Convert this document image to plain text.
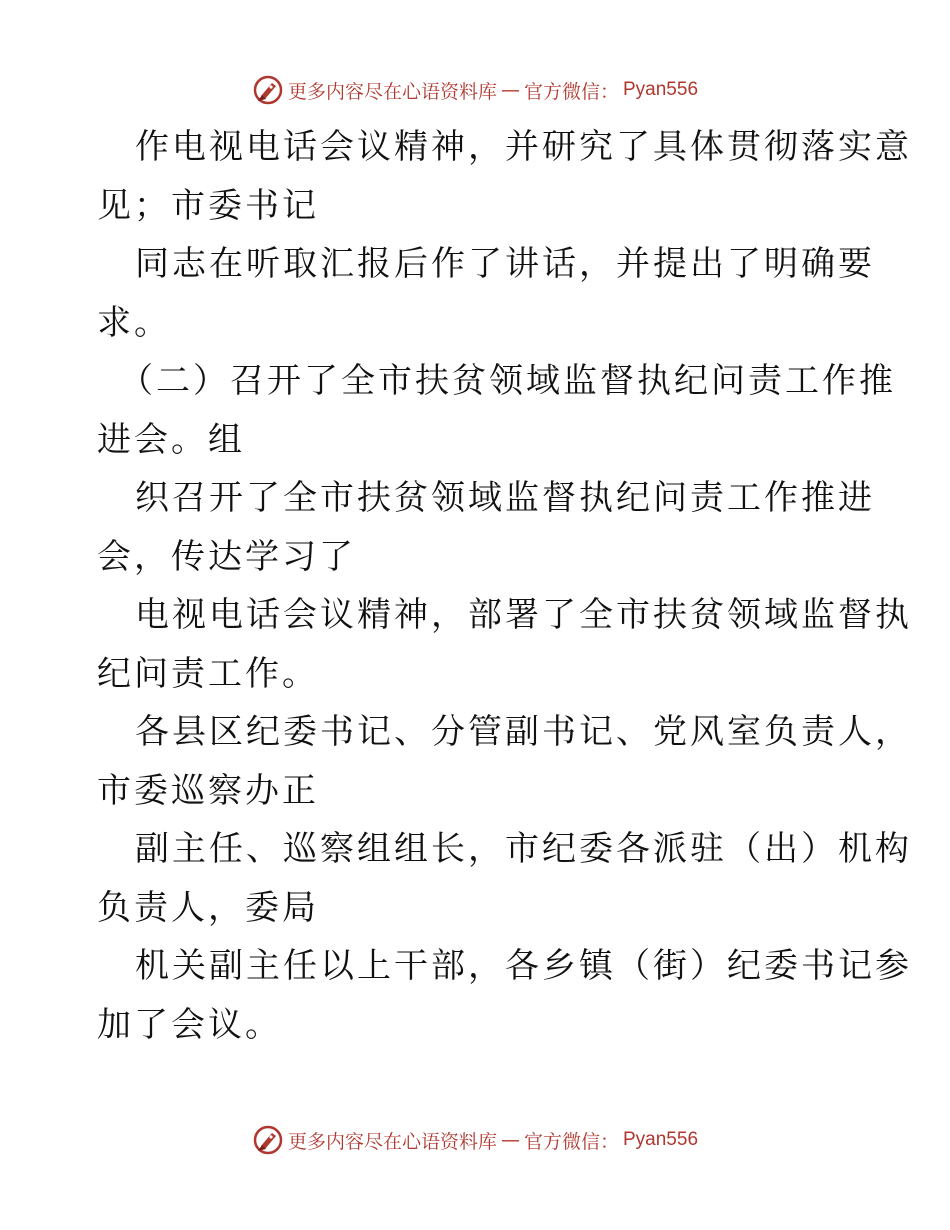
更多内容尽在心语资料库 — 官方微信： Pyan556
作电视电话会议精神，并研究了具体贯彻落实意
见；市委书记
同志在听取汇报后作了讲话，并提出了明确要
求。
（二）召开了全市扶贫领域监督执纪问责工作推
进会。组
织召开了全市扶贫领域监督执纪问责工作推进
会，传达学习了
电视电话会议精神，部署了全市扶贫领域监督执
纪问责工作。
各县区纪委书记、分管副书记、党风室负责人，
市委巡察办正
副主任、巡察组组长，市纪委各派驻（出）机构
负责人，委局
机关副主任以上干部，各乡镇（街）纪委书记参
加了会议。
更多内容尽在心语资料库 — 官方微信： Pyan556
